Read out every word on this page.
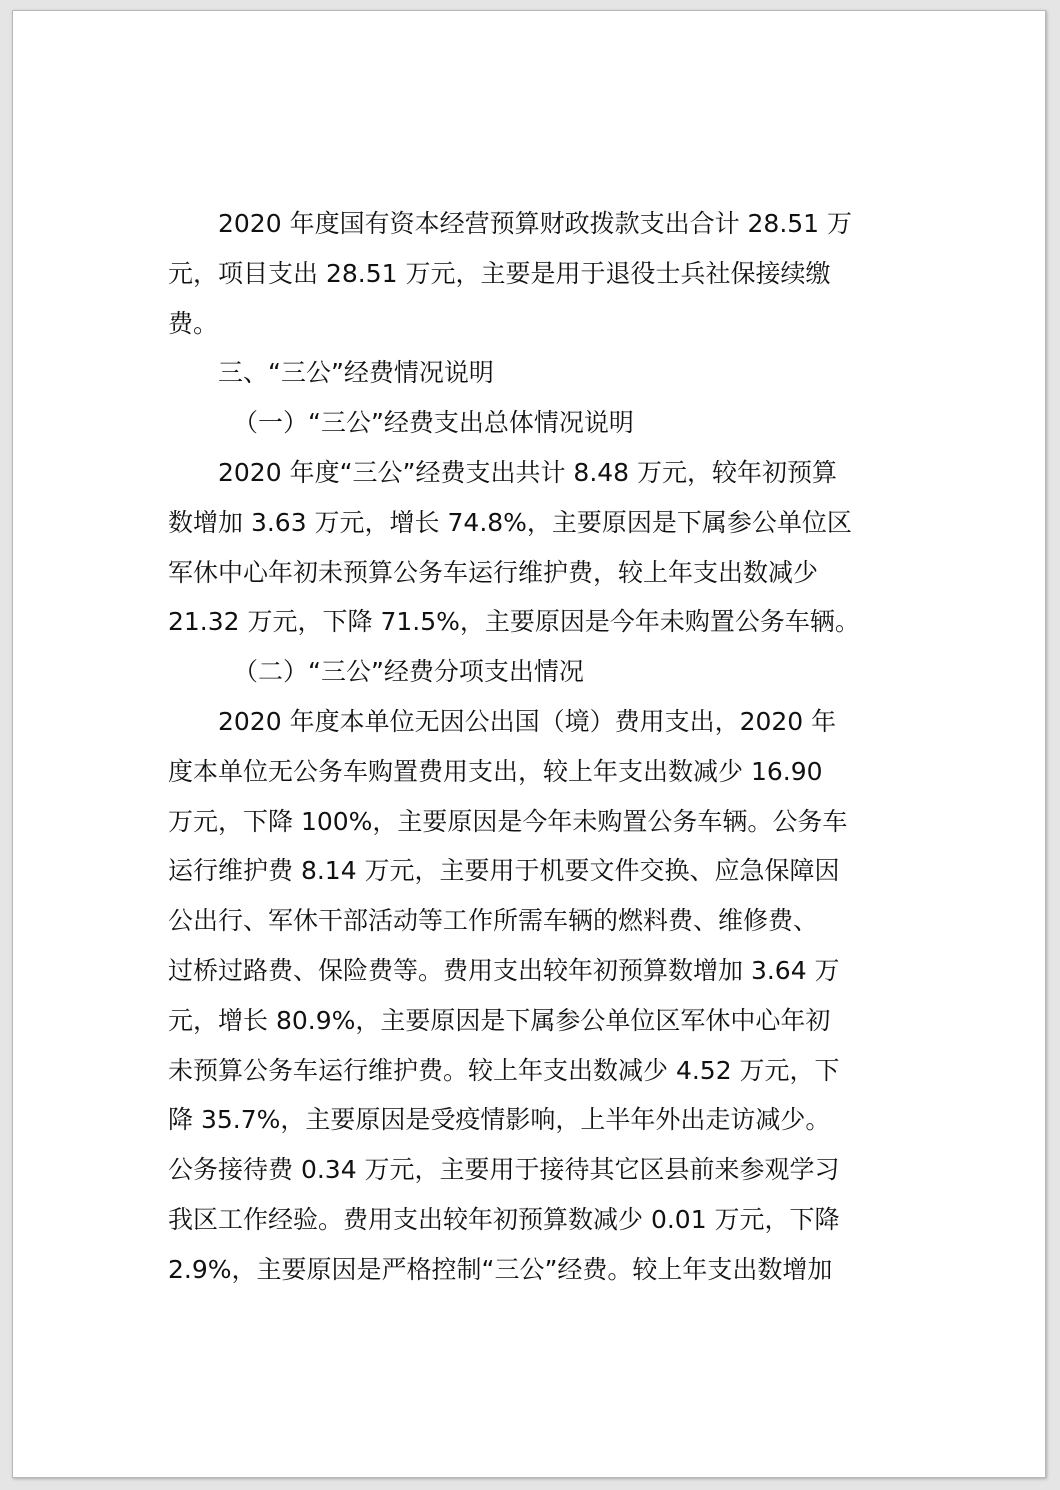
2020 年度国有资本经营预算财政拨款支出合计 28.51 万
元，项目支出 28.51 万元，主要是用于退役士兵社保接续缴
费。
三、“三公”经费情况说明
（一）“三公”经费支出总体情况说明
2020 年度“三公”经费支出共计 8.48 万元，较年初预算
数增加 3.63 万元，增长 74.8%，主要原因是下属参公单位区
军休中心年初未预算公务车运行维护费，较上年支出数减少
21.32 万元，下降 71.5%，主要原因是今年未购置公务车辆。
（二）“三公”经费分项支出情况
2020 年度本单位无因公出国（境）费用支出，2020 年
度本单位无公务车购置费用支出，较上年支出数减少 16.90
万元，下降 100%，主要原因是今年未购置公务车辆。公务车
运行维护费 8.14 万元，主要用于机要文件交换、应急保障因
公出行、军休干部活动等工作所需车辆的燃料费、维修费、
过桥过路费、保险费等。费用支出较年初预算数增加 3.64 万
元，增长 80.9%，主要原因是下属参公单位区军休中心年初
未预算公务车运行维护费。较上年支出数减少 4.52 万元，下
降 35.7%，主要原因是受疫情影响，上半年外出走访减少。
公务接待费 0.34 万元，主要用于接待其它区县前来参观学习
我区工作经验。费用支出较年初预算数减少 0.01 万元，下降
2.9%，主要原因是严格控制“三公”经费。较上年支出数增加
